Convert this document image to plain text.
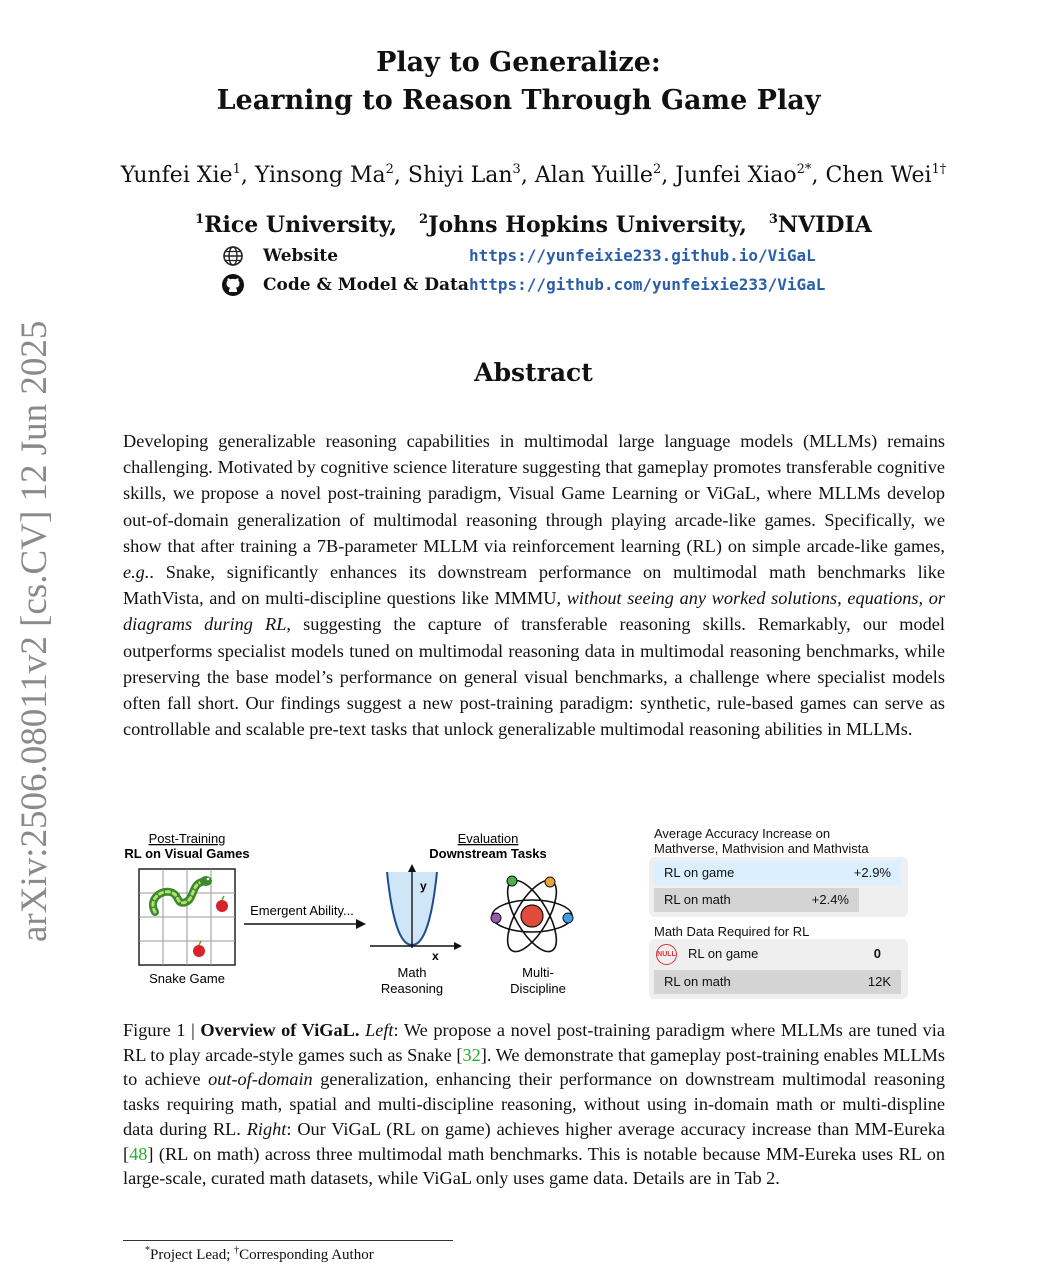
arXiv:2506.08011v2 [cs.CV] 12 Jun 2025
Play to Generalize:
Learning to Reason Through Game Play
Yunfei Xie$^1$, Yinsong Ma$^2$, Shiyi Lan$^3$, Alan Yuille$^2$, Junfei Xiao$^{2*}$, Chen Wei$^{1\dagger}$
$^1$Rice University, $^2$Johns Hopkins University, $^3$NVIDIA
Website	https://yunfeixie233.github.io/ViGaL
Code & Model & Data https://github.com/yunfeixie233/ViGaL
Abstract
Developing generalizable reasoning capabilities in multimodal large language models (MLLMs) remains challenging. Motivated by cognitive science literature suggesting that gameplay promotes transferable cognitive skills, we propose a novel post-training paradigm, Visual Game Learning or ViGaL, where MLLMs develop out-of-domain generalization of multimodal reasoning through playing arcade-like games. Specifically, we show that after training a 7B-parameter MLLM via reinforcement learning (RL) on simple arcade-like games, e.g.. Snake, significantly enhances its downstream performance on multimodal math benchmarks like MathVista, and on multi-discipline questions like MMMU, without seeing any worked solutions, equations, or diagrams during RL, suggesting the capture of transferable reasoning skills. Remarkably, our model outperforms specialist models tuned on multimodal reasoning data in multimodal reasoning benchmarks, while preserving the base model’s performance on general visual benchmarks, a challenge where specialist models often fall short. Our findings suggest a new post-training paradigm: synthetic, rule-based games can serve as controllable and scalable pre-text tasks that unlock generalizable multimodal reasoning abilities in MLLMs.
Post-Training
RL on Visual Games
Snake Game
Emergent Ability...
Evaluation
Downstream Tasks
y
x
Math
Reasoning
Multi-
Discipline
Average Accuracy Increase on
Mathverse, Mathvision and Mathvista
RL on game	+2.9%
RL on math	+2.4%
Math Data Required for RL
NULL RL on game	0
RL on math	12K
Figure 1 | Overview of ViGaL. Left: We propose a novel post-training paradigm where MLLMs are tuned via RL to play arcade-style games such as Snake [32]. We demonstrate that gameplay post-training enables MLLMs to achieve out-of-domain generalization, enhancing their performance on downstream multimodal reasoning tasks requiring math, spatial and multi-discipline reasoning, without using in-domain math or multi-displine data during RL. Right: Our ViGaL (RL on game) achieves higher average accuracy increase than MM-Eureka [48] (RL on math) across three multimodal math benchmarks. This is notable because MM-Eureka uses RL on large-scale, curated math datasets, while ViGaL only uses game data. Details are in Tab 2.
*Project Lead; †Corresponding Author
